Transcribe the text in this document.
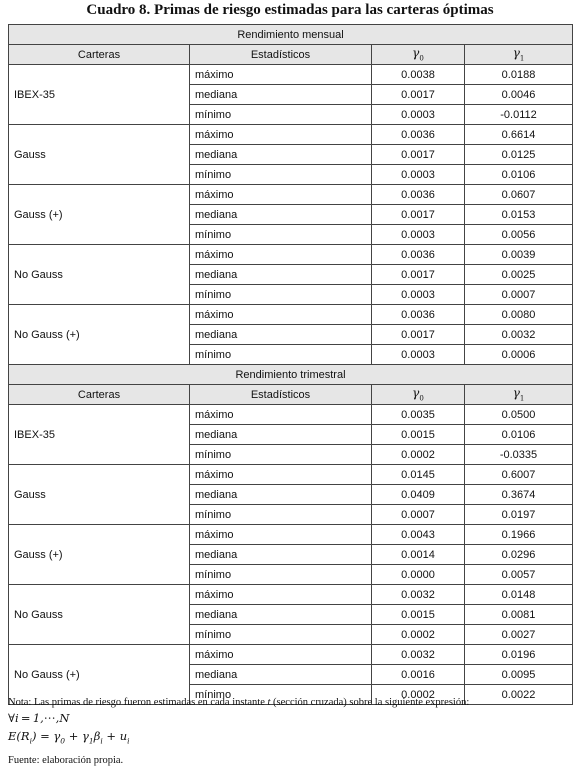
Cuadro 8. Primas de riesgo estimadas para las carteras óptimas
Rendimiento mensual			
Carteras	Estadísticos	$\gamma_0$	$\gamma_1$
IBEX-35	máximo	0.0038	0.0188
	mediana	0.0017	0.0046
	mínimo	0.0003	-0.0112
Gauss	máximo	0.0036	0.6614
	mediana	0.0017	0.0125
	mínimo	0.0003	0.0106
Gauss (+)	máximo	0.0036	0.0607
	mediana	0.0017	0.0153
	mínimo	0.0003	0.0056
No Gauss	máximo	0.0036	0.0039
	mediana	0.0017	0.0025
	mínimo	0.0003	0.0007
No Gauss (+)	máximo	0.0036	0.0080
	mediana	0.0017	0.0032
	mínimo	0.0003	0.0006
Rendimiento trimestral			
Carteras	Estadísticos	$\gamma_0$	$\gamma_1$
IBEX-35	máximo	0.0035	0.0500
	mediana	0.0015	0.0106
	mínimo	0.0002	-0.0335
Gauss	máximo	0.0145	0.6007
	mediana	0.0409	0.3674
	mínimo	0.0007	0.0197
Gauss (+)	máximo	0.0043	0.1966
	mediana	0.0014	0.0296
	mínimo	0.0000	0.0057
No Gauss	máximo	0.0032	0.0148
	mediana	0.0015	0.0081
	mínimo	0.0002	0.0027
No Gauss (+)	máximo	0.0032	0.0196
	mediana	0.0016	0.0095
	mínimo	0.0002	0.0022

Nota: Las primas de riesgo fueron estimadas en cada instante t (sección cruzada) sobre la siguiente expresión:

∀i = 1,⋅⋅⋅,N

$E(R_i) = \gamma_0 + \gamma_1\beta_i + u_i$

Fuente: elaboración propia.
